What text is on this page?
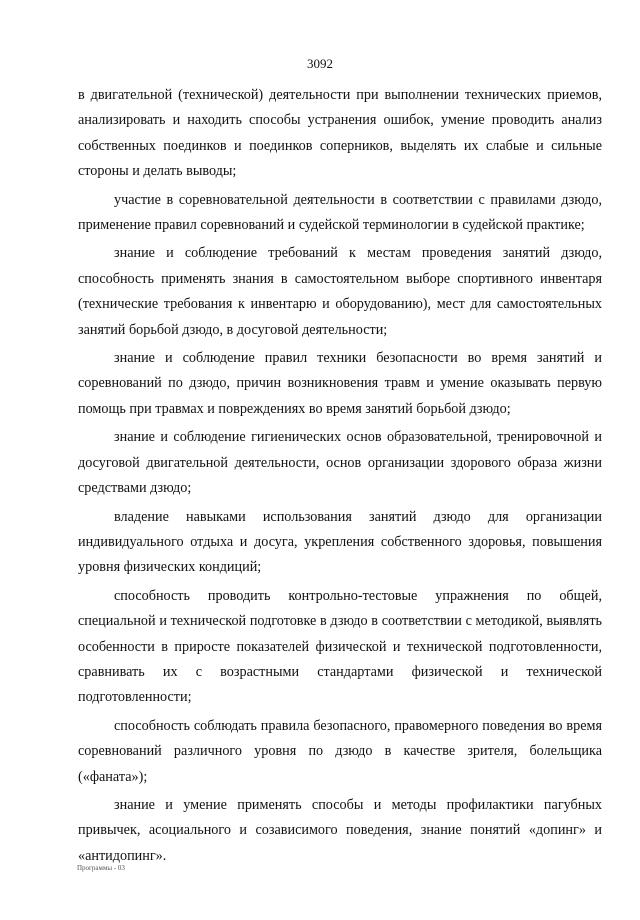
3092

в двигательной (технической) деятельности при выполнении технических приемов, анализировать и находить способы устранения ошибок, умение проводить анализ собственных поединков и поединков соперников, выделять их слабые и сильные стороны и делать выводы;

участие в соревновательной деятельности в соответствии с правилами дзюдо, применение правил соревнований и судейской терминологии в судейской практике;

знание и соблюдение требований к местам проведения занятий дзюдо, способность применять знания в самостоятельном выборе спортивного инвентаря (технические требования к инвентарю и оборудованию), мест для самостоятельных занятий борьбой дзюдо, в досуговой деятельности;

знание и соблюдение правил техники безопасности во время занятий и соревнований по дзюдо, причин возникновения травм и умение оказывать первую помощь при травмах и повреждениях во время занятий борьбой дзюдо;

знание и соблюдение гигиенических основ образовательной, тренировочной и досуговой двигательной деятельности, основ организации здорового образа жизни средствами дзюдо;

владение навыками использования занятий дзюдо для организации индивидуального отдыха и досуга, укрепления собственного здоровья, повышения уровня физических кондиций;

способность проводить контрольно-тестовые упражнения по общей, специальной и технической подготовке в дзюдо в соответствии с методикой, выявлять особенности в приросте показателей физической и технической подготовленности, сравнивать их с возрастными стандартами физической и технической подготовленности;

способность соблюдать правила безопасного, правомерного поведения во время соревнований различного уровня по дзюдо в качестве зрителя, болельщика («фаната»);

знание и умение применять способы и методы профилактики пагубных привычек, асоциального и созависимого поведения, знание понятий «допинг» и «антидопинг».

Программы - 03
